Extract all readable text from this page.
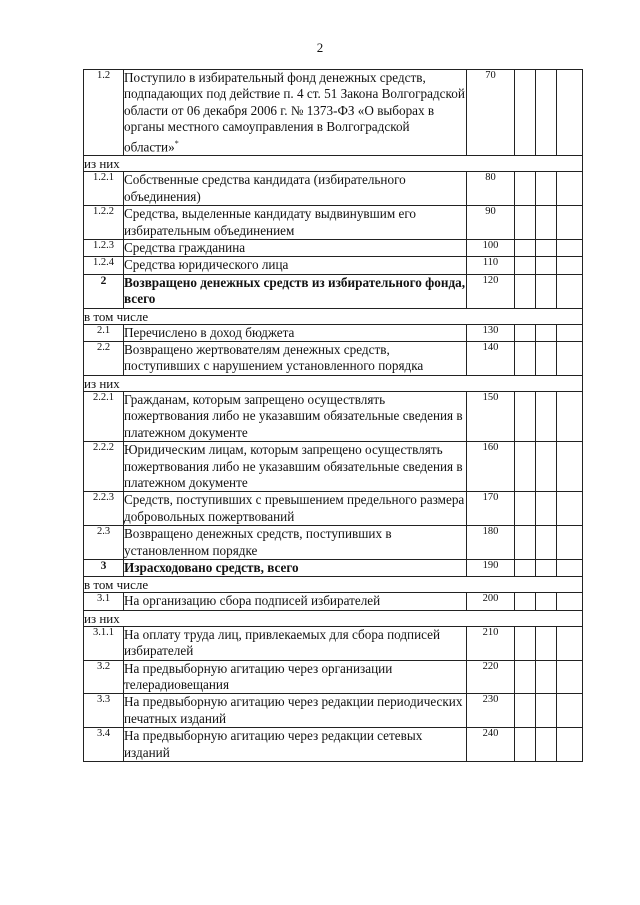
2
1.2	Поступило в избирательный фонд денежных средств, подпадающих под действие п. 4 ст. 51 Закона Волгоградской области от 06 декабря 2006 г. № 1373-ФЗ «О выборах в органы местного самоуправления в Волгоградской области»*	70			
из них					
1.2.1	Собственные средства кандидата (избирательного объединения)	80			
1.2.2	Средства, выделенные кандидату выдвинувшим его избирательным объединением	90			
1.2.3	Средства гражданина	100			
1.2.4	Средства юридического лица	110			
2	Возвращено денежных средств из избирательного фонда, всего	120			
в том числе					
2.1	Перечислено в доход бюджета	130			
2.2	Возвращено жертвователям денежных средств, поступивших с нарушением установленного порядка	140			
из них					
2.2.1	Гражданам, которым запрещено осуществлять пожертвования либо не указавшим обязательные сведения в платежном документе	150			
2.2.2	Юридическим лицам, которым запрещено осуществлять пожертвования либо не указавшим обязательные сведения в платежном документе	160			
2.2.3	Средств, поступивших с превышением предельного размера добровольных пожертвований	170			
2.3	Возвращено денежных средств, поступивших в установленном порядке	180			
3	Израсходовано средств, всего	190			
в том числе					
3.1	На организацию сбора подписей избирателей	200			
из них					
3.1.1	На оплату труда лиц, привлекаемых для сбора подписей избирателей	210			
3.2	На предвыборную агитацию через организации телерадиовещания	220			
3.3	На предвыборную агитацию через редакции периодических печатных изданий	230			
3.4	На предвыборную агитацию через редакции сетевых изданий	240			
